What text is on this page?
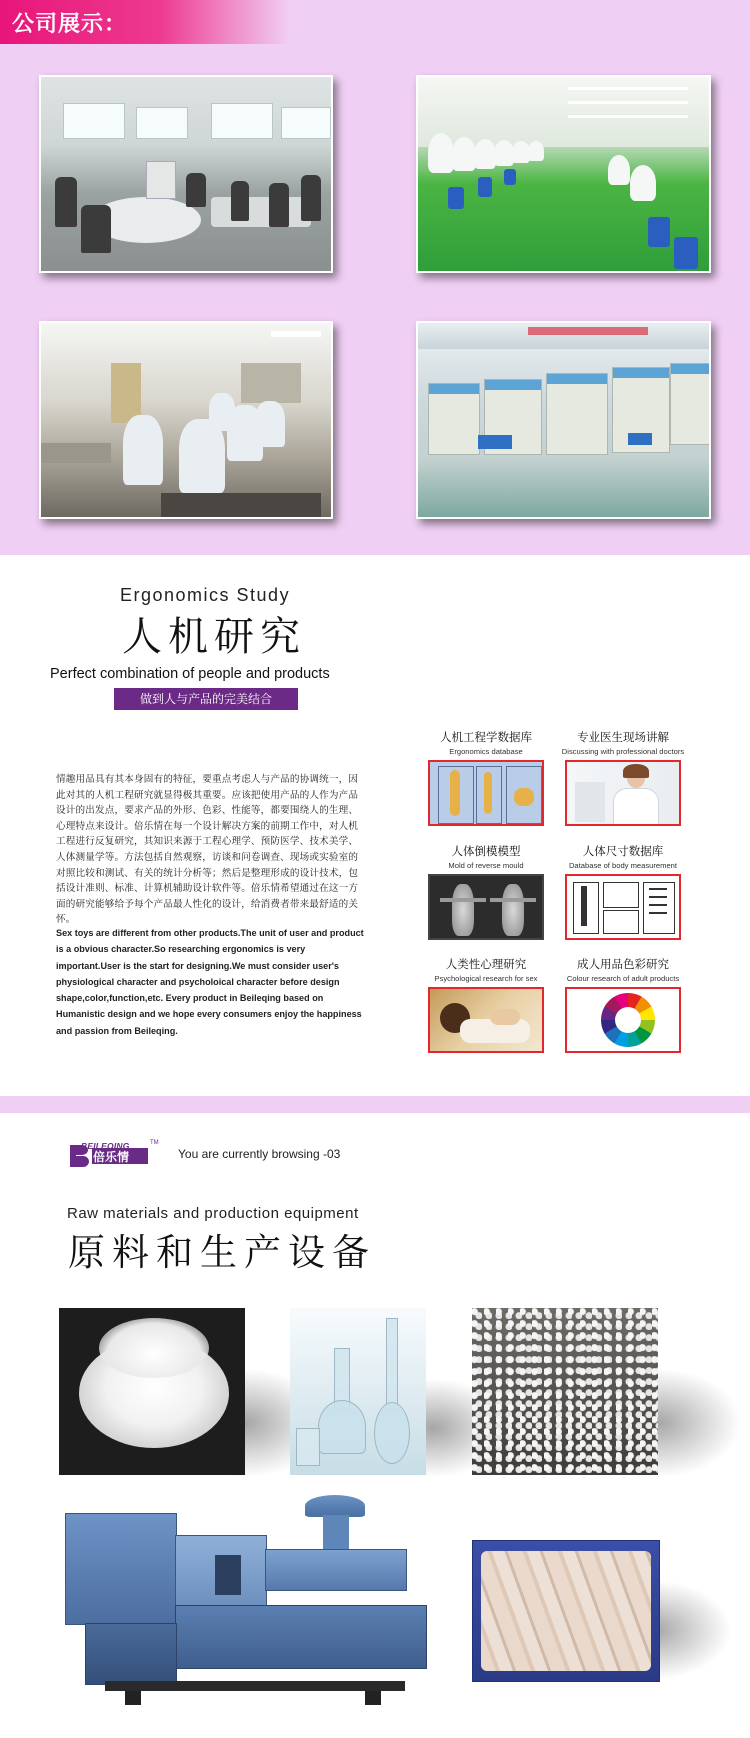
公司展示：
Ergonomics Study
人机研究
Perfect combination of people and products
做到人与产品的完美结合
情趣用品具有其本身固有的特征，要重点考虑人与产品的协调统一，因此对其的人机工程研究就显得极其重要。应该把使用产品的人作为产品设计的出发点，要求产品的外形、色彩、性能等，都要围绕人的生理、心理特点来设计。倍乐情在每一个设计解决方案的前期工作中，对人机工程进行反复研究，其知识来源于工程心理学、预防医学、技术美学、人体测量学等。方法包括自然观察，访谈和问卷调查、现场或实验室的对照比较和测试、有关的统计分析等；然后是整理形成的设计技术，包括设计准则、标准、计算机辅助设计软件等。倍乐情希望通过在这一方面的研究能够给予每个产品最人性化的设计，给消费者带来最舒适的关怀。
Sex toys are different from other products.The unit of user and product is a obvious character.So researching ergonomics is very important.User is the start for designing.We must consider user's physiological character and psycholoical character before design shape,color,function,etc. Every product in Beileqing based on Humanistic design and we hope every consumers enjoy the happiness and passion from Beileqing.
人机工程学数据库
Ergonomics database
专业医生现场讲解
Discussing with professional doctors
人体倒模模型
Mold of reverse mould
人体尺寸数据库
Database of body measurement
人类性心理研究
Psychological research for sex
成人用品色彩研究
Colour research of adult products
倍乐情
BEILEQING	TM
You are currently browsing -03
Raw materials and production equipment
原料和生产设备
